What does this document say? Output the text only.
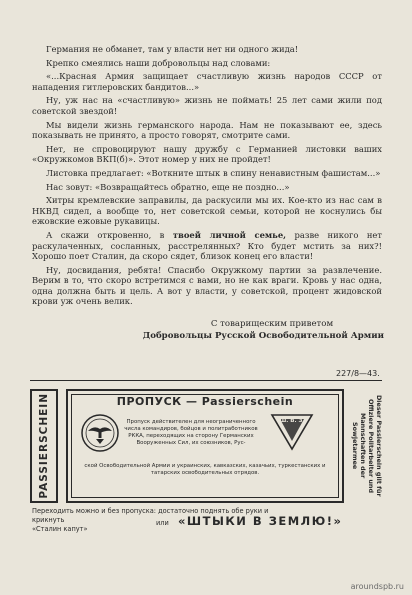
Германия не обманет, там у власти нет ни одного жида!

Крепко смеялись наши добровольцы над словами:

«...Красная Армия защищает счастливую жизнь народов СССР от нападения гитлеровских бандитов...»

Ну, уж нас на «счастливую» жизнь не поймать! 25 лет сами жили под советской звездой!

Мы видели жизнь германского народа. Нам не показывают ее, здесь показывать не принято, а просто говорят, смотрите сами.

Нет, не спровоцируют нашу дружбу с Германией листовки ваших «Окружкомов ВКП(б)». Этот номер у них не пройдет!

Листовка предлагает: «Воткните штык в спину ненавистным фашистам...»

Нас зовут: «Возвращайтесь обратно, еще не поздно...»

Хитры кремлевские заправилы, да раскусили мы их. Кое-кто из нас сам в НКВД сидел, а вообще то, нет советской семьи, которой не коснулись бы ежовские ежовые рукавицы.

А скажи откровенно, в твоей личной семье, разве никого нет раскулаченных, сосланных, расстрелянных? Кто будет мстить за них?! Хорошо поет Сталин, да скоро сядет, близок конец его власти!

Ну, досвидания, ребята! Спасибо Окружкому партии за развлечение. Верим в то, что скоро встретимся с вами, но не как враги. Кровь у нас одна, одна должна быть и цель. А вот у власти, у советской, процент жидовской крови уж очень велик.

С товарищеским приветом
Добровольцы Русской Освободительной Армии
227/8—43.
PASSIERSCHEIN	ПРОПУСК — Passierschein
Пропуск действителен для неограниченного числа командиров, бойцов и политработников РККА, переходящих на сторону Германских Вооруженных Сил, их союзников, Рус-
Ш. В. З.
ской Освободительной Армии и украинских, кавказских, казачьих, туркестанских и татарских освободительных отрядов.
Dieser Passierschein gilt für
Offiziere Politarbeiter und
Mannschaften der Sowjetarmee
Переходить можно и без пропуска: достаточно поднять обе руки и крикнуть
«Сталин капут»
или «ШТЫКИ В ЗЕМЛЮ!»
aroundspb.ru
